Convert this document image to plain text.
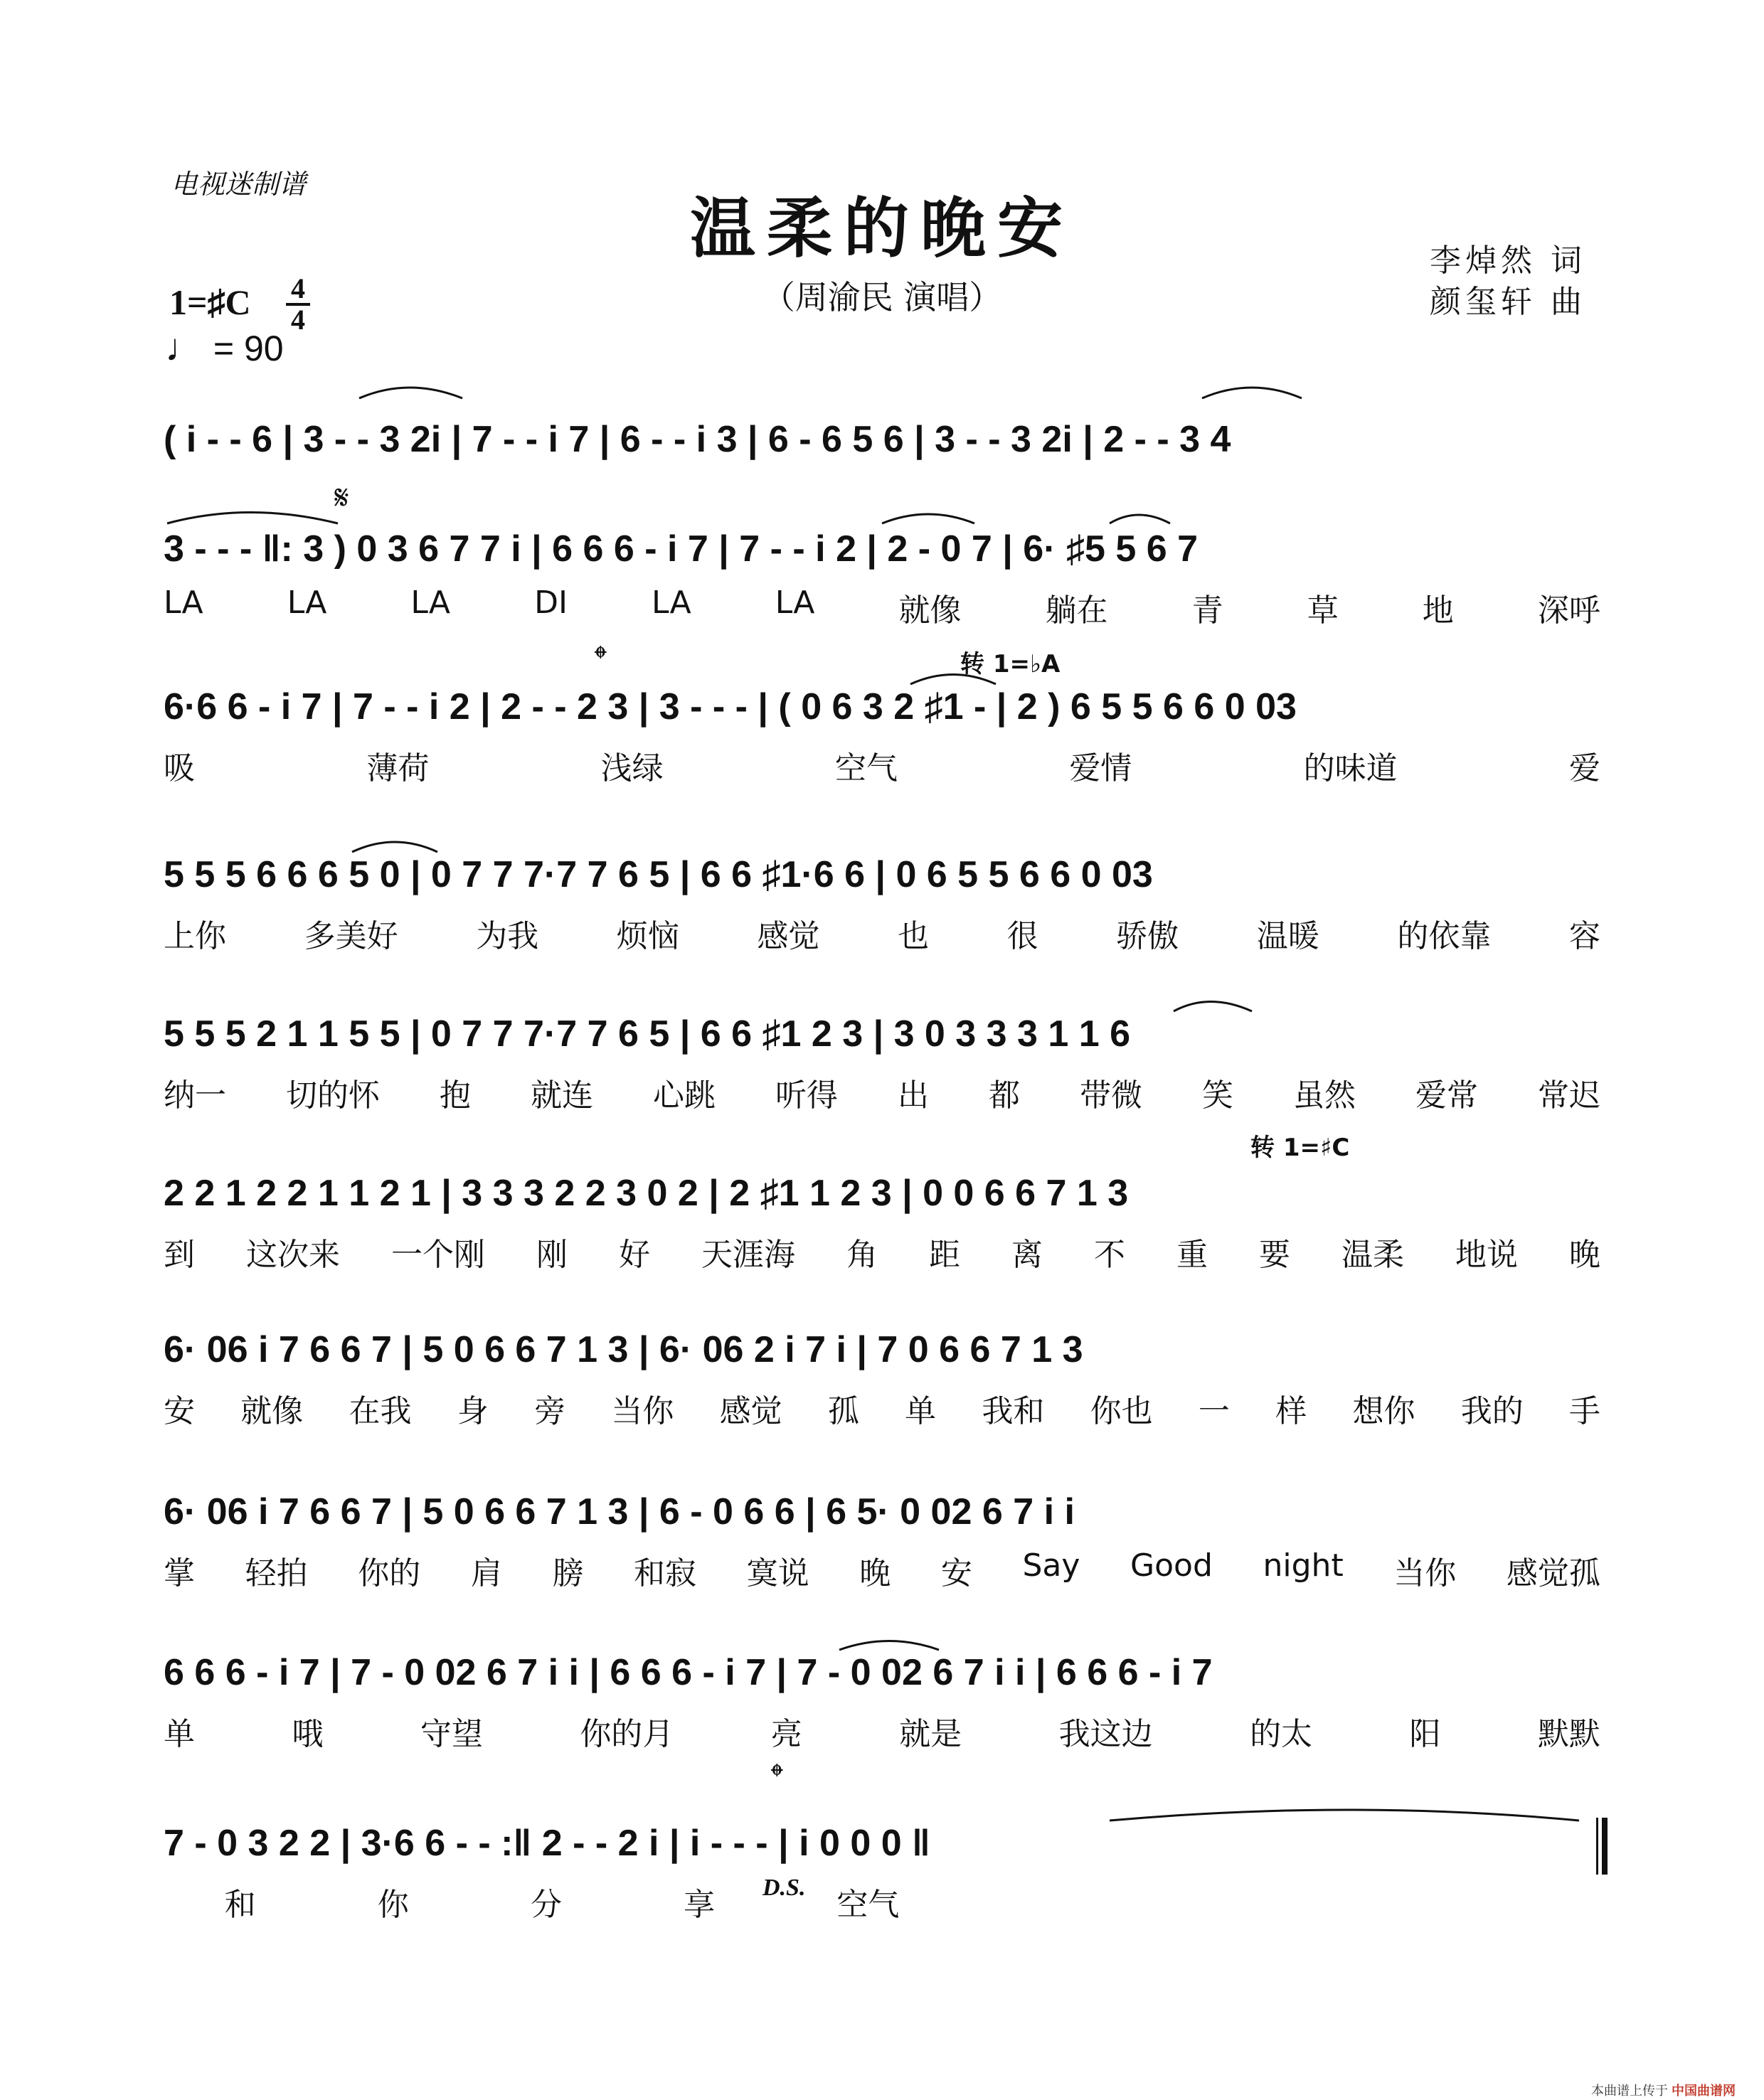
电视迷制谱
温柔的晚安
（周渝民 演唱）
李焯然 词
颜玺轩 曲
1=♯C 4
4
♩ = 90
𝄋
𝄌	转 1=♭A
转 1=♯C
𝄌
D.S.
( i - - 6 | 3 - - 3 2i | 7 - - i 7 | 6 - - i 3 | 6 - 6 5 6 | 3 - - 3 2i | 2 - - 3 4
3 - - - ‖: 3 ) 0 3 6 7 7 i | 6 6 6 - i 7 | 7 - - i 2 | 2 - 0 7 | 6· ♯5 5 6 7
LA	LA	LA	DI	LA	LA	就像	躺在	青	草	地	深呼
6·6 6 - i 7 | 7 - - i 2 | 2 - - 2 3 | 3 - - - | ( 0 6 3 2 ♯1 - | 2 ) 6 5 5 6 6 0 03
吸	薄荷	浅绿	空气	爱情	的味道	爱
5 5 5 6 6 6 5 0 | 0 7 7 7·7 7 6 5 | 6 6 ♯1·6 6 | 0 6 5 5 6 6 0 03
上你 多美好 为我 烦恼 感觉 也 很 骄傲 温暖 的依靠 容
5 5 5 2 1 1 5 5 | 0 7 7 7·7 7 6 5 | 6 6 ♯1 2 3 | 3 0 3 3 3 1 1 6
纳一 切的怀 抱 就连 心跳 听得 出 都 带微 笑 虽然 爱常 常迟
2 2 1 2 2 1 1 2 1 | 3 3 3 2 2 3 0 2 | 2 ♯1 1 2 3 | 0 0 6 6 7 1 3
到 这次来 一个刚 刚 好 天涯海 角 距 离 不 重 要 温柔 地说 晚
6· 06 i 7 6 6 7 | 5 0 6 6 7 1 3 | 6· 06 2 i 7 i | 7 0 6 6 7 1 3
安 就像 在我 身 旁 当你 感觉 孤 单 我和 你也 一 样 想你 我的 手
6· 06 i 7 6 6 7 | 5 0 6 6 7 1 3 | 6 - 0 6 6 | 6 5· 0 02 6 7 i i
掌 轻拍 你的 肩 膀 和寂 寞说 晚 安 Say Good night 当你 感觉孤
6 6 6 - i 7 | 7 - 0 02 6 7 i i | 6 6 6 - i 7 | 7 - 0 02 6 7 i i | 6 6 6 - i 7
单	哦	守望	你的月	亮	就是	我这边	的太	阳	默默
7 - 0 3 2 2 | 3·6 6 - - :‖ 2 - - 2 i | i - - - | i 0 0 0 ‖
和	你	分	享	空气
本曲谱上传于 中国曲谱网
